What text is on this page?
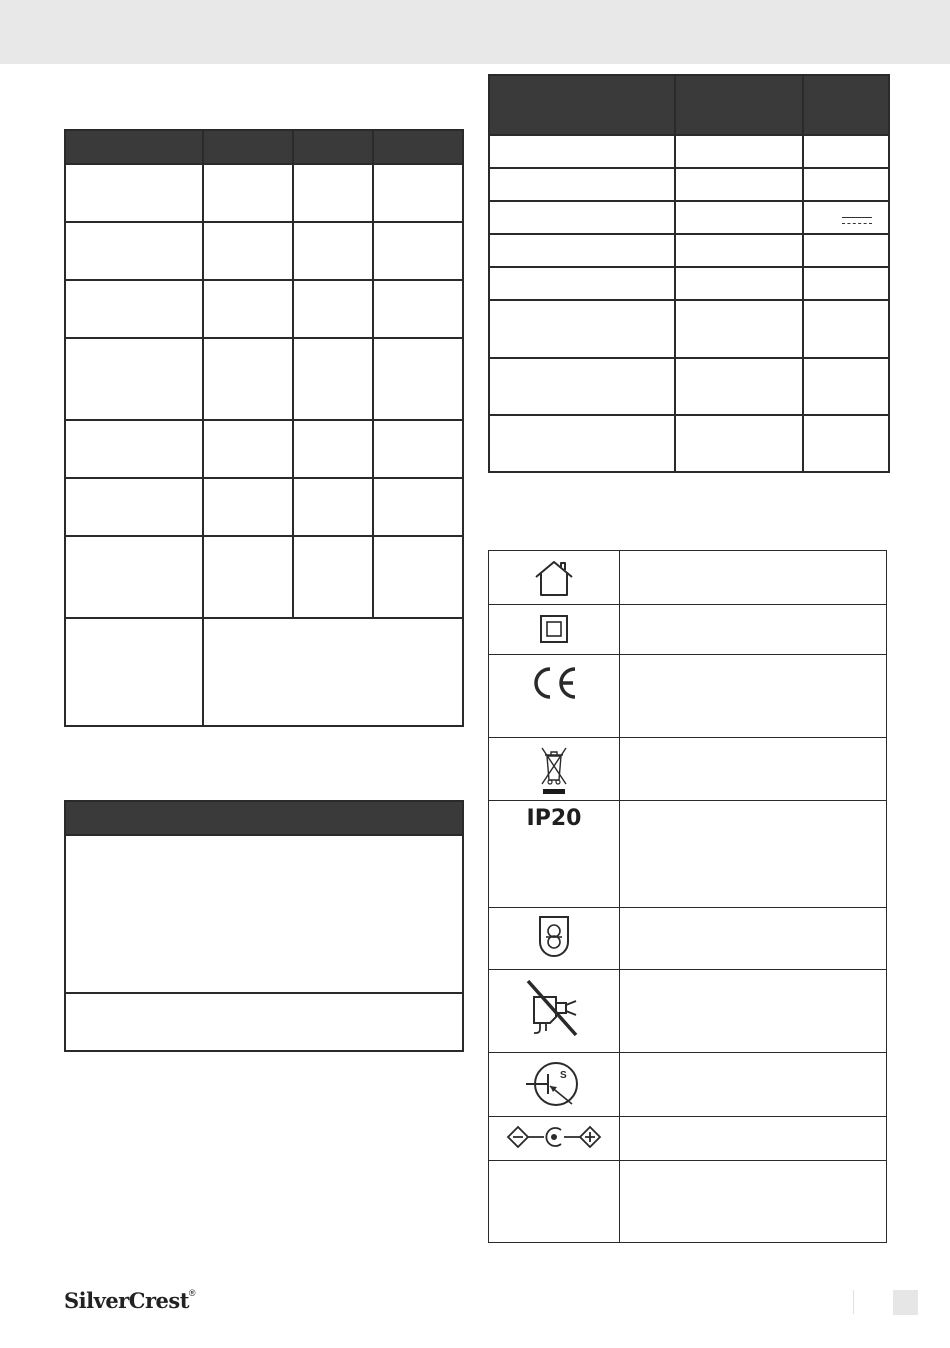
IP20	

S	

SilverCrest®
